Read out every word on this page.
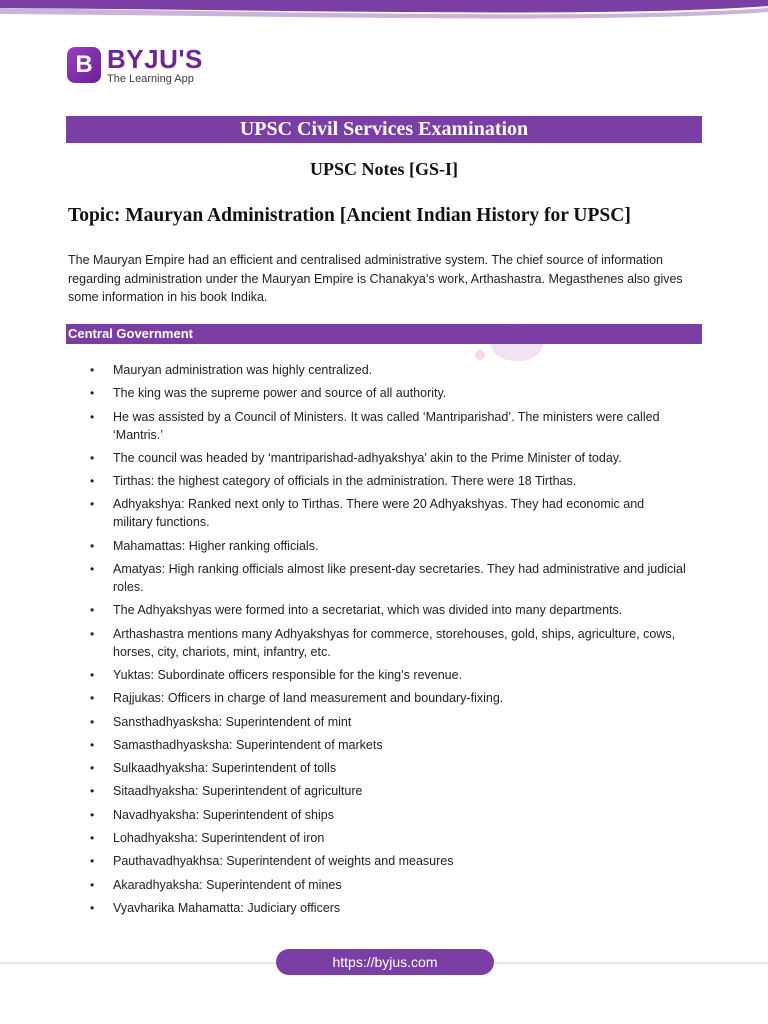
B BYJU'S
The Learning App
UPSC Civil Services Examination
UPSC Notes [GS-I]
Topic: Mauryan Administration [Ancient Indian History for UPSC]

The Mauryan Empire had an efficient and centralised administrative system. The chief source of information regarding administration under the Mauryan Empire is Chanakya’s work, Arthashastra. Megasthenes also gives some information in his book Indika.

Central Government
• Mauryan administration was highly centralized.
• The king was the supreme power and source of all authority.
• He was assisted by a Council of Ministers. It was called ‘Mantriparishad’. The ministers were called ‘Mantris.’
• The council was headed by ‘mantriparishad-adhyakshya’ akin to the Prime Minister of today.
• Tirthas: the highest category of officials in the administration. There were 18 Tirthas.
• Adhyakshya: Ranked next only to Tirthas. There were 20 Adhyakshyas. They had economic and military functions.
• Mahamattas: Higher ranking officials.
• Amatyas: High ranking officials almost like present-day secretaries. They had administrative and judicial roles.
• The Adhyakshyas were formed into a secretariat, which was divided into many departments.
• Arthashastra mentions many Adhyakshyas for commerce, storehouses, gold, ships, agriculture, cows, horses, city, chariots, mint, infantry, etc.
• Yuktas: Subordinate officers responsible for the king’s revenue.
• Rajjukas: Officers in charge of land measurement and boundary-fixing.
• Sansthadhyasksha: Superintendent of mint
• Samasthadhyasksha: Superintendent of markets
• Sulkaadhyaksha: Superintendent of tolls
• Sitaadhyaksha: Superintendent of agriculture
• Navadhyaksha: Superintendent of ships
• Lohadhyaksha: Superintendent of iron
• Pauthavadhyakhsa: Superintendent of weights and measures
• Akaradhyaksha: Superintendent of mines
• Vyavharika Mahamatta: Judiciary officers
https://byjus.com
